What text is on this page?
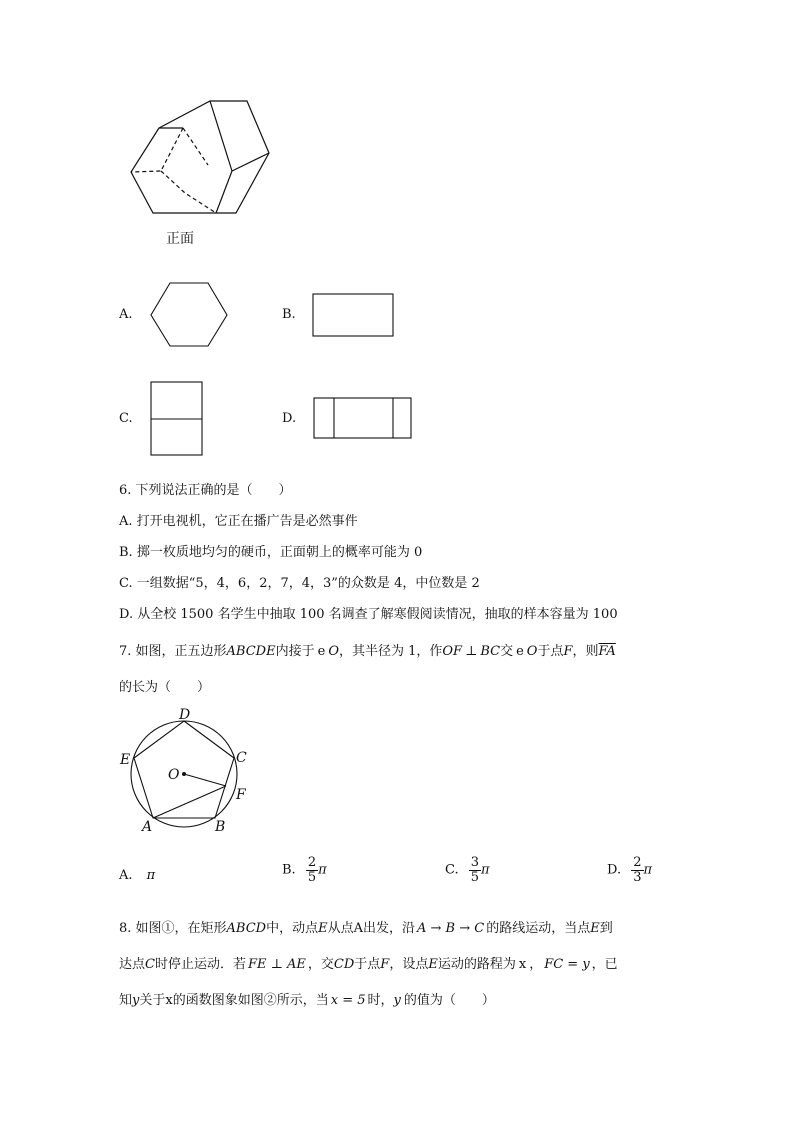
正面
A.	B.
C.	D.
6. 下列说法正确的是（　　）
A. 打开电视机，它正在播广告是必然事件
B. 掷一枚质地均匀的硬币，正面朝上的概率可能为 0
C. 一组数据“5，4，6，2，7，4，3”的众数是 4，中位数是 2
D. 从全校 1500 名学生中抽取 100 名调查了解寒假阅读情况，抽取的样本容量为 100
7. 如图，正五边形ABCDE内接于 e O，其半径为 1，作OF ⊥ BC交 e O于点F，则$\overline{FA}$
的长为（　　）
D
C
E
O
F
A	B
A. π	B. $\frac{2}{5}$ π	C. $\frac{3}{5}$ π	D. $\frac{2}{3}$ π
8. 如图①，在矩形ABCD中，动点E从点A出发，沿 A → B → C 的路线运动，当点E到
达点C时停止运动．若 FE ⊥ AE ，交CD于点F，设点E运动的路程为 x ， FC = y ，已
知y关于x的函数图象如图②所示，当 x = 5 时，y 的值为（　　）
